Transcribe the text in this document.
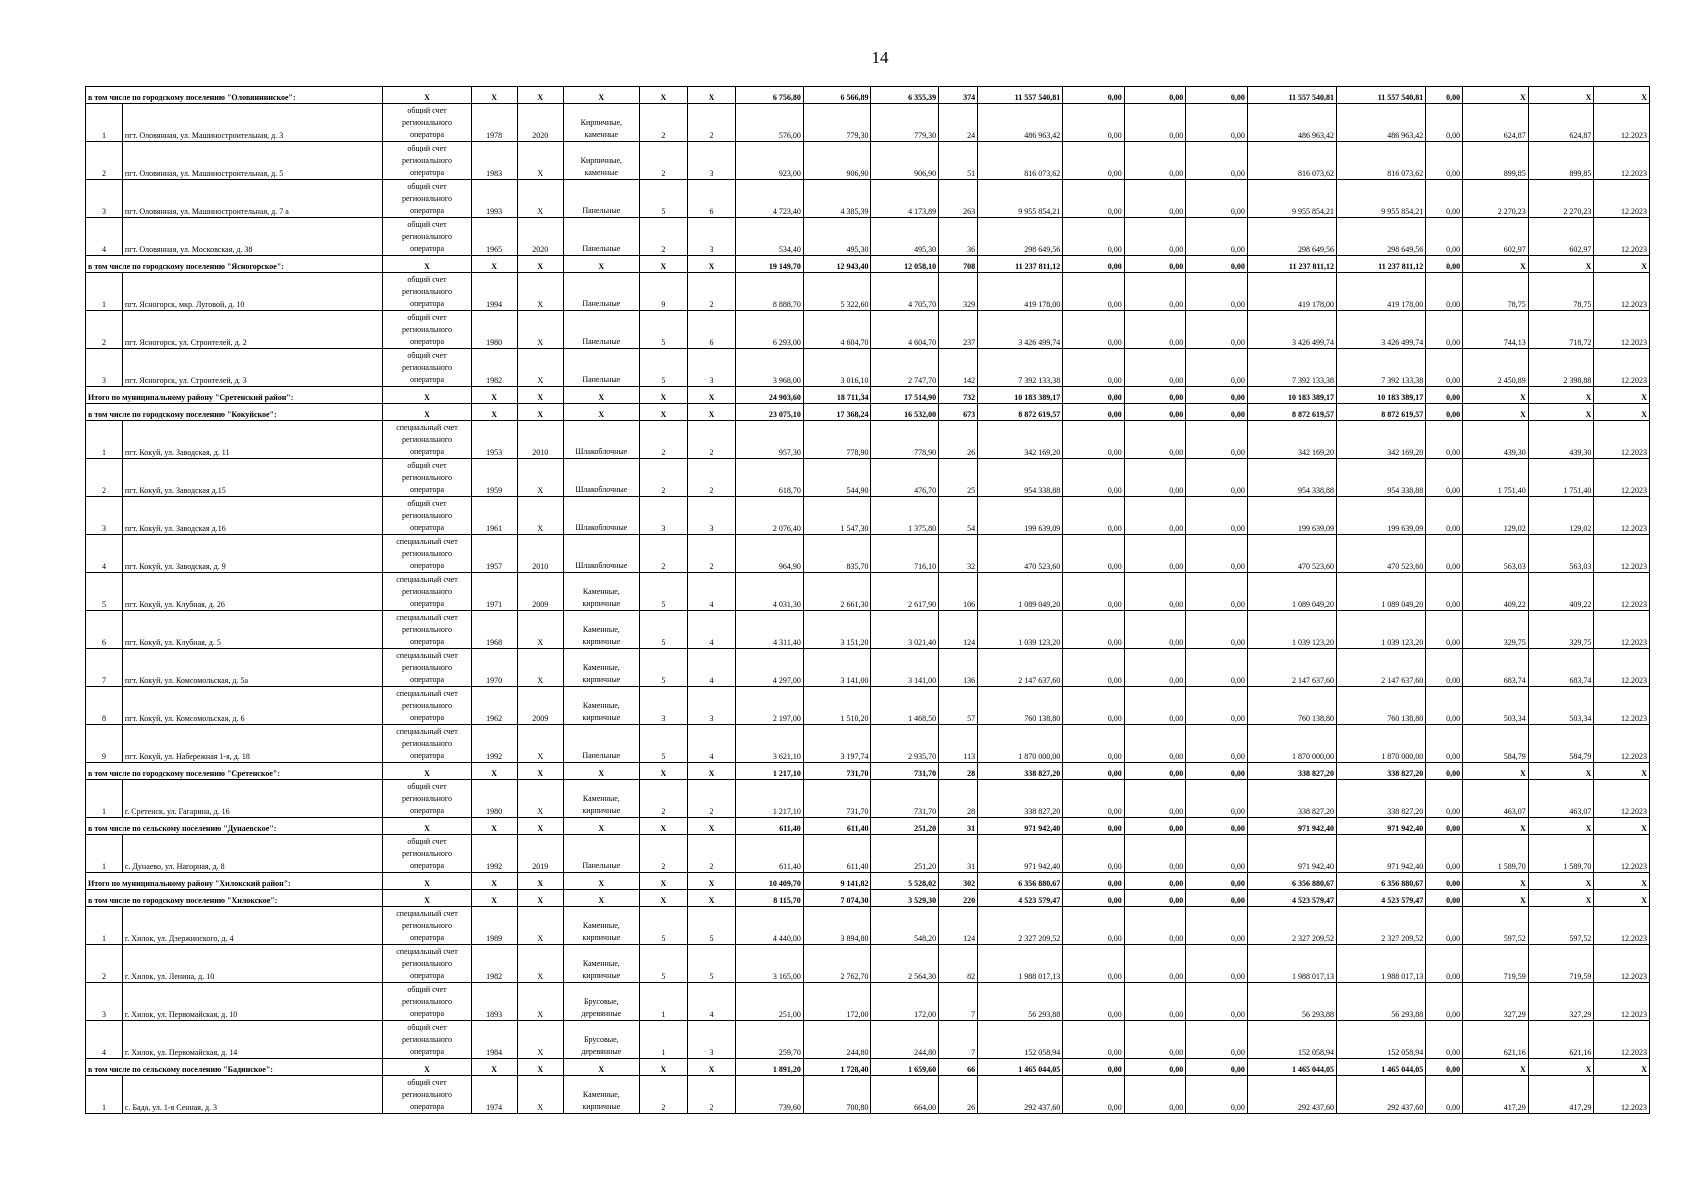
14
в том числе по городскому поселению "Оловяннинское":		X	X	X	X	X	X	6 756,80	6 566,89	6 355,39	374	11 557 540,81	0,00	0,00	0,00	11 557 540,81	11 557 540,81	0,00	X	X	X
1	пгт. Оловянная, ул. Машиностроительная, д. 3	общий счет регионального оператора	1978	2020	Кирпичные, каменные	2	2	576,00	779,30	779,30	24	486 963,42	0,00	0,00	0,00	486 963,42	486 963,42	0,00	624,87	624,87	12.2023
2	пгт. Оловянная, ул. Машиностроительная, д. 5	общий счет регионального оператора	1983	X	Кирпичные, каменные	2	3	923,00	906,90	906,90	51	816 073,62	0,00	0,00	0,00	816 073,62	816 073,62	0,00	899,85	899,85	12.2023
3	пгт. Оловянная, ул. Машиностроительная, д. 7 а	общий счет регионального оператора	1993	X	Панельные	5	6	4 723,40	4 385,39	4 173,89	263	9 955 854,21	0,00	0,00	0,00	9 955 854,21	9 955 854,21	0,00	2 270,23	2 270,23	12.2023
4	пгт. Оловянная, ул. Московская, д. 38	общий счет регионального оператора	1965	2020	Панельные	2	3	534,40	495,30	495,30	36	298 649,56	0,00	0,00	0,00	298 649,56	298 649,56	0,00	602,97	602,97	12.2023
в том числе по городскому поселению "Ясногорское":		X	X	X	X	X	X	19 149,70	12 943,40	12 058,10	708	11 237 811,12	0,00	0,00	0,00	11 237 811,12	11 237 811,12	0,00	X	X	X
1	пгт. Ясногорск, мкр. Луговой, д. 10	общий счет регионального оператора	1994	X	Панельные	9	2	8 888,70	5 322,60	4 705,70	329	419 178,00	0,00	0,00	0,00	419 178,00	419 178,00	0,00	78,75	78,75	12.2023
2	пгт. Ясногорск, ул. Строителей, д. 2	общий счет регионального оператора	1980	X	Панельные	5	6	6 293,00	4 604,70	4 604,70	237	3 426 499,74	0,00	0,00	0,00	3 426 499,74	3 426 499,74	0,00	744,13	718,72	12.2023
3	пгт. Ясногорск, ул. Строителей, д. 3	общий счет регионального оператора	1982	X	Панельные	5	3	3 968,00	3 016,10	2 747,70	142	7 392 133,38	0,00	0,00	0,00	7 392 133,38	7 392 133,38	0,00	2 450,89	2 398,88	12.2023
Итого по муниципальному району "Сретенский район":		X	X	X	X	X	X	24 903,60	18 711,34	17 514,90	732	10 183 389,17	0,00	0,00	0,00	10 183 389,17	10 183 389,17	0,00	X	X	X
в том числе по городскому поселению "Кокуйское":		X	X	X	X	X	X	23 075,10	17 368,24	16 532,00	673	8 872 619,57	0,00	0,00	0,00	8 872 619,57	8 872 619,57	0,00	X	X	X
1	пгт. Кокуй, ул. Заводская, д. 11	специальный счет регионального оператора	1953	2010	Шлакоблочные	2	2	957,30	778,90	778,90	26	342 169,20	0,00	0,00	0,00	342 169,20	342 169,20	0,00	439,30	439,30	12.2023
2	пгт. Кокуй, ул. Заводская д.15	общий счет регионального оператора	1959	X	Шлакоблочные	2	2	618,70	544,90	476,70	25	954 338,88	0,00	0,00	0,00	954 338,88	954 338,88	0,00	1 751,40	1 751,40	12.2023
3	пгт. Кокуй, ул. Заводская д.16	общий счет регионального оператора	1961	X	Шлакоблочные	3	3	2 076,40	1 547,30	1 375,80	54	199 639,09	0,00	0,00	0,00	199 639,09	199 639,09	0,00	129,02	129,02	12.2023
4	пгт. Кокуй, ул. Заводская, д. 9	специальный счет регионального оператора	1957	2010	Шлакоблочные	2	2	964,90	835,70	716,10	32	470 523,60	0,00	0,00	0,00	470 523,60	470 523,60	0,00	563,03	563,03	12.2023
5	пгт. Кокуй, ул. Клубная, д. 26	специальный счет регионального оператора	1971	2009	Каменные, кирпичные	5	4	4 031,30	2 661,30	2 617,90	106	1 089 049,20	0,00	0,00	0,00	1 089 049,20	1 089 049,20	0,00	409,22	409,22	12.2023
6	пгт. Кокуй, ул. Клубная, д. 5	специальный счет регионального оператора	1968	X	Каменные, кирпичные	5	4	4 311,40	3 151,20	3 021,40	124	1 039 123,20	0,00	0,00	0,00	1 039 123,20	1 039 123,20	0,00	329,75	329,75	12.2023
7	пгт. Кокуй, ул. Комсомольская, д. 5а	специальный счет регионального оператора	1970	X	Каменные, кирпичные	5	4	4 297,00	3 141,00	3 141,00	136	2 147 637,60	0,00	0,00	0,00	2 147 637,60	2 147 637,60	0,00	683,74	683,74	12.2023
8	пгт. Кокуй, ул. Комсомольская, д. 6	специальный счет регионального оператора	1962	2009	Каменные, кирпичные	3	3	2 197,00	1 510,20	1 468,50	57	760 138,80	0,00	0,00	0,00	760 138,80	760 138,80	0,00	503,34	503,34	12.2023
9	пгт. Кокуй, ул. Набережная 1-я, д. 18	специальный счет регионального оператора	1992	X	Панельные	5	4	3 621,10	3 197,74	2 935,70	113	1 870 000,00	0,00	0,00	0,00	1 870 000,00	1 870 000,00	0,00	584,79	584,79	12.2023
в том числе по городскому поселению "Сретенское":		X	X	X	X	X	X	1 217,10	731,70	731,70	28	338 827,20	0,00	0,00	0,00	338 827,20	338 827,20	0,00	X	X	X
1	г. Сретенск, ул. Гагарина, д. 16	общий счет регионального оператора	1980	X	Каменные, кирпичные	2	2	1 217,10	731,70	731,70	28	338 827,20	0,00	0,00	0,00	338 827,20	338 827,20	0,00	463,07	463,07	12.2023
в том числе по сельскому поселению "Дунаевское":		X	X	X	X	X	X	611,40	611,40	251,20	31	971 942,40	0,00	0,00	0,00	971 942,40	971 942,40	0,00	X	X	X
1	с. Дунаево, ул. Нагорная, д. 8	общий счет регионального оператора	1992	2019	Панельные	2	2	611,40	611,40	251,20	31	971 942,40	0,00	0,00	0,00	971 942,40	971 942,40	0,00	1 589,70	1 589,70	12.2023
Итого по муниципальному району "Хилокский район":		X	X	X	X	X	X	10 409,70	9 141,82	5 528,02	302	6 356 880,67	0,00	0,00	0,00	6 356 880,67	6 356 880,67	0,00	X	X	X
в том числе по городскому поселению "Хилокское":		X	X	X	X	X	X	8 115,70	7 074,30	3 529,30	220	4 523 579,47	0,00	0,00	0,00	4 523 579,47	4 523 579,47	0,00	X	X	X
1	г. Хилок, ул. Дзержинского, д. 4	специальный счет регионального оператора	1989	X	Каменные, кирпичные	5	5	4 440,00	3 894,80	548,20	124	2 327 209,52	0,00	0,00	0,00	2 327 209,52	2 327 209,52	0,00	597,52	597,52	12.2023
2	г. Хилок, ул. Ленина, д. 10	специальный счет регионального оператора	1982	X	Каменные, кирпичные	5	5	3 165,00	2 762,70	2 564,30	82	1 988 017,13	0,00	0,00	0,00	1 988 017,13	1 988 017,13	0,00	719,59	719,59	12.2023
3	г. Хилок, ул. Первомайская, д. 10	общий счет регионального оператора	1893	X	Брусовые, деревянные	1	4	251,00	172,00	172,00	7	56 293,88	0,00	0,00	0,00	56 293,88	56 293,88	0,00	327,29	327,29	12.2023
4	г. Хилок, ул. Первомайская, д. 14	общий счет регионального оператора	1984	X	Брусовые, деревянные	1	3	259,70	244,80	244,80	7	152 058,94	0,00	0,00	0,00	152 058,94	152 058,94	0,00	621,16	621,16	12.2023
в том числе по сельскому поселению "Бадинское":		X	X	X	X	X	X	1 891,20	1 728,40	1 659,60	66	1 465 044,05	0,00	0,00	0,00	1 465 044,05	1 465 044,05	0,00	X	X	X
1	с. Бада, ул. 1-я Сенная, д. 3	общий счет регионального оператора	1974	X	Каменные, кирпичные	2	2	739,60	700,80	664,00	26	292 437,60	0,00	0,00	0,00	292 437,60	292 437,60	0,00	417,29	417,29	12.2023
